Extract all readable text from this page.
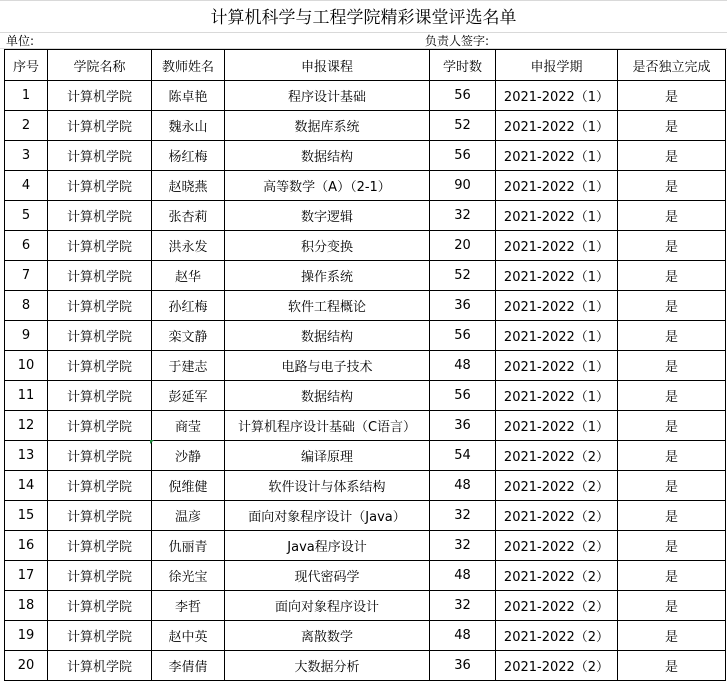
计算机科学与工程学院精彩课堂评选名单
单位:	负责人签字:
序号	学院名称	教师姓名	申报课程	学时数	申报学期	是否独立完成
1	计算机学院	陈卓艳	程序设计基础	56	2021-2022（1）	是
2	计算机学院	魏永山	数据库系统	52	2021-2022（1）	是
3	计算机学院	杨红梅	数据结构	56	2021-2022（1）	是
4	计算机学院	赵晓燕	高等数学（A）（2-1）	90	2021-2022（1）	是
5	计算机学院	张杏莉	数字逻辑	32	2021-2022（1）	是
6	计算机学院	洪永发	积分变换	20	2021-2022（1）	是
7	计算机学院	赵华	操作系统	52	2021-2022（1）	是
8	计算机学院	孙红梅	软件工程概论	36	2021-2022（1）	是
9	计算机学院	栾文静	数据结构	56	2021-2022（1）	是
10	计算机学院	于建志	电路与电子技术	48	2021-2022（1）	是
11	计算机学院	彭延军	数据结构	56	2021-2022（1）	是
12	计算机学院	商莹	计算机程序设计基础（C语言）	36	2021-2022（1）	是
13	计算机学院	沙静	编译原理	54	2021-2022（2）	是
14	计算机学院	倪维健	软件设计与体系结构	48	2021-2022（2）	是
15	计算机学院	温彦	面向对象程序设计（Java）	32	2021-2022（2）	是
16	计算机学院	仇丽青	Java程序设计	32	2021-2022（2）	是
17	计算机学院	徐光宝	现代密码学	48	2021-2022（2）	是
18	计算机学院	李哲	面向对象程序设计	32	2021-2022（2）	是
19	计算机学院	赵中英	离散数学	48	2021-2022（2）	是
20	计算机学院	李倩倩	大数据分析	36	2021-2022（2）	是
